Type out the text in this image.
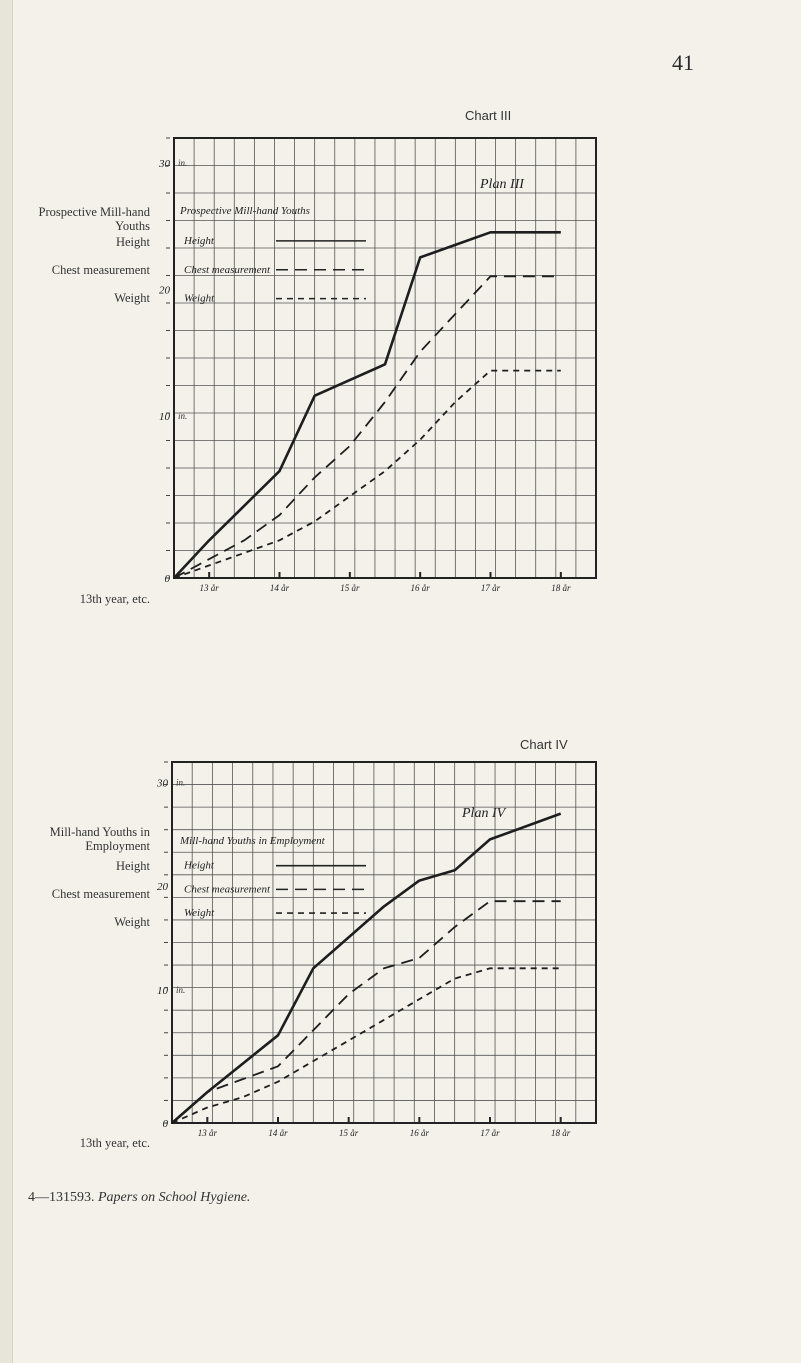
41
Chart III
Prospective Mill-hand Youths
Height
Chest measurement
Weight
13th year, etc.
30
20
10
0
in.
in.
13 år	14 år	15 år	16 år	17 år	18 år
Plan III
Prospective Mill-hand Youths
Height
Chest measurement
Weight
Chart IV
Mill-hand Youths in Employment
Height
Chest measurement
Weight
13th year, etc.
30
20
10
0
in.
in.
13 år	14 år	15 år	16 år	17 år	18 år
Plan IV
Mill-hand Youths in Employment
Height
Chest measurement
Weight
4—131593. Papers on School Hygiene.
